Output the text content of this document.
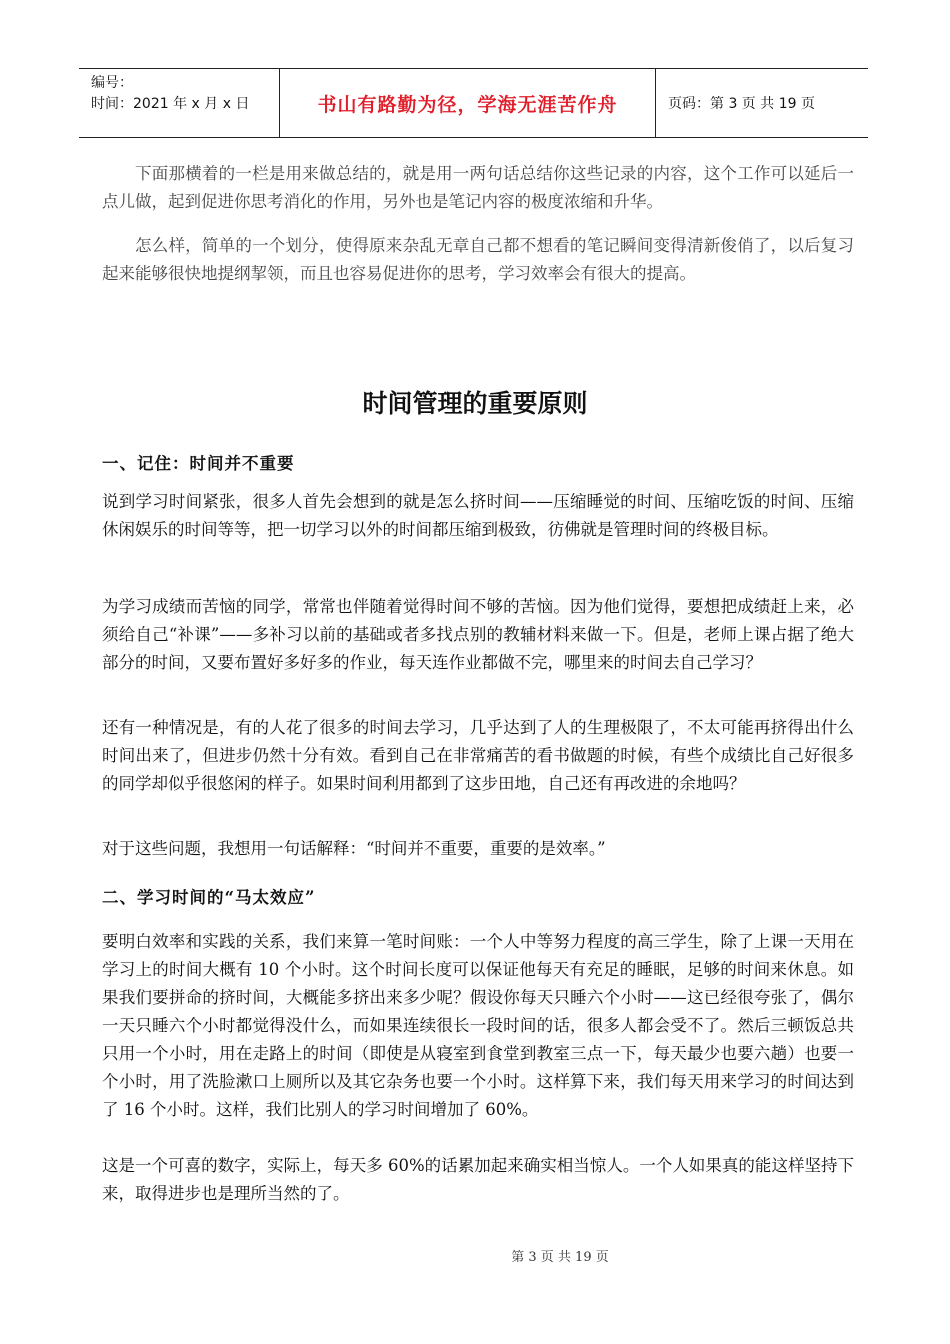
编号：
时间：2021 年 x 月 x 日	书山有路勤为径，学海无涯苦作舟	页码：第 3 页 共 19 页

下面那横着的一栏是用来做总结的，就是用一两句话总结你这些记录的内容，这个工作可以延后一点儿做，起到促进你思考消化的作用，另外也是笔记内容的极度浓缩和升华。

怎么样，简单的一个划分，使得原来杂乱无章自己都不想看的笔记瞬间变得清新俊俏了，以后复习起来能够很快地提纲挈领，而且也容易促进你的思考，学习效率会有很大的提高。

时间管理的重要原则
一、记住：时间并不重要

说到学习时间紧张，很多人首先会想到的就是怎么挤时间——压缩睡觉的时间、压缩吃饭的时间、压缩休闲娱乐的时间等等，把一切学习以外的时间都压缩到极致，彷佛就是管理时间的终极目标。

为学习成绩而苦恼的同学，常常也伴随着觉得时间不够的苦恼。因为他们觉得，要想把成绩赶上来，必须给自己“补课”——多补习以前的基础或者多找点别的教辅材料来做一下。但是，老师上课占据了绝大部分的时间，又要布置好多好多的作业，每天连作业都做不完，哪里来的时间去自己学习？

还有一种情况是，有的人花了很多的时间去学习，几乎达到了人的生理极限了，不太可能再挤得出什么时间出来了，但进步仍然十分有效。看到自己在非常痛苦的看书做题的时候，有些个成绩比自己好很多的同学却似乎很悠闲的样子。如果时间利用都到了这步田地，自己还有再改进的余地吗？

对于这些问题，我想用一句话解释：“时间并不重要，重要的是效率。”

二、学习时间的“马太效应”

要明白效率和实践的关系，我们来算一笔时间账：一个人中等努力程度的高三学生，除了上课一天用在学习上的时间大概有 10 个小时。这个时间长度可以保证他每天有充足的睡眠，足够的时间来休息。如果我们要拼命的挤时间，大概能多挤出来多少呢？假设你每天只睡六个小时——这已经很夸张了，偶尔一天只睡六个小时都觉得没什么，而如果连续很长一段时间的话，很多人都会受不了。然后三顿饭总共只用一个小时，用在走路上的时间（即使是从寝室到食堂到教室三点一下，每天最少也要六趟）也要一个小时，用了洗脸漱口上厕所以及其它杂务也要一个小时。这样算下来，我们每天用来学习的时间达到了 16 个小时。这样，我们比别人的学习时间增加了 60%。

这是一个可喜的数字，实际上，每天多 60%的话累加起来确实相当惊人。一个人如果真的能这样坚持下来，取得进步也是理所当然的了。

第 3 页 共 19 页
